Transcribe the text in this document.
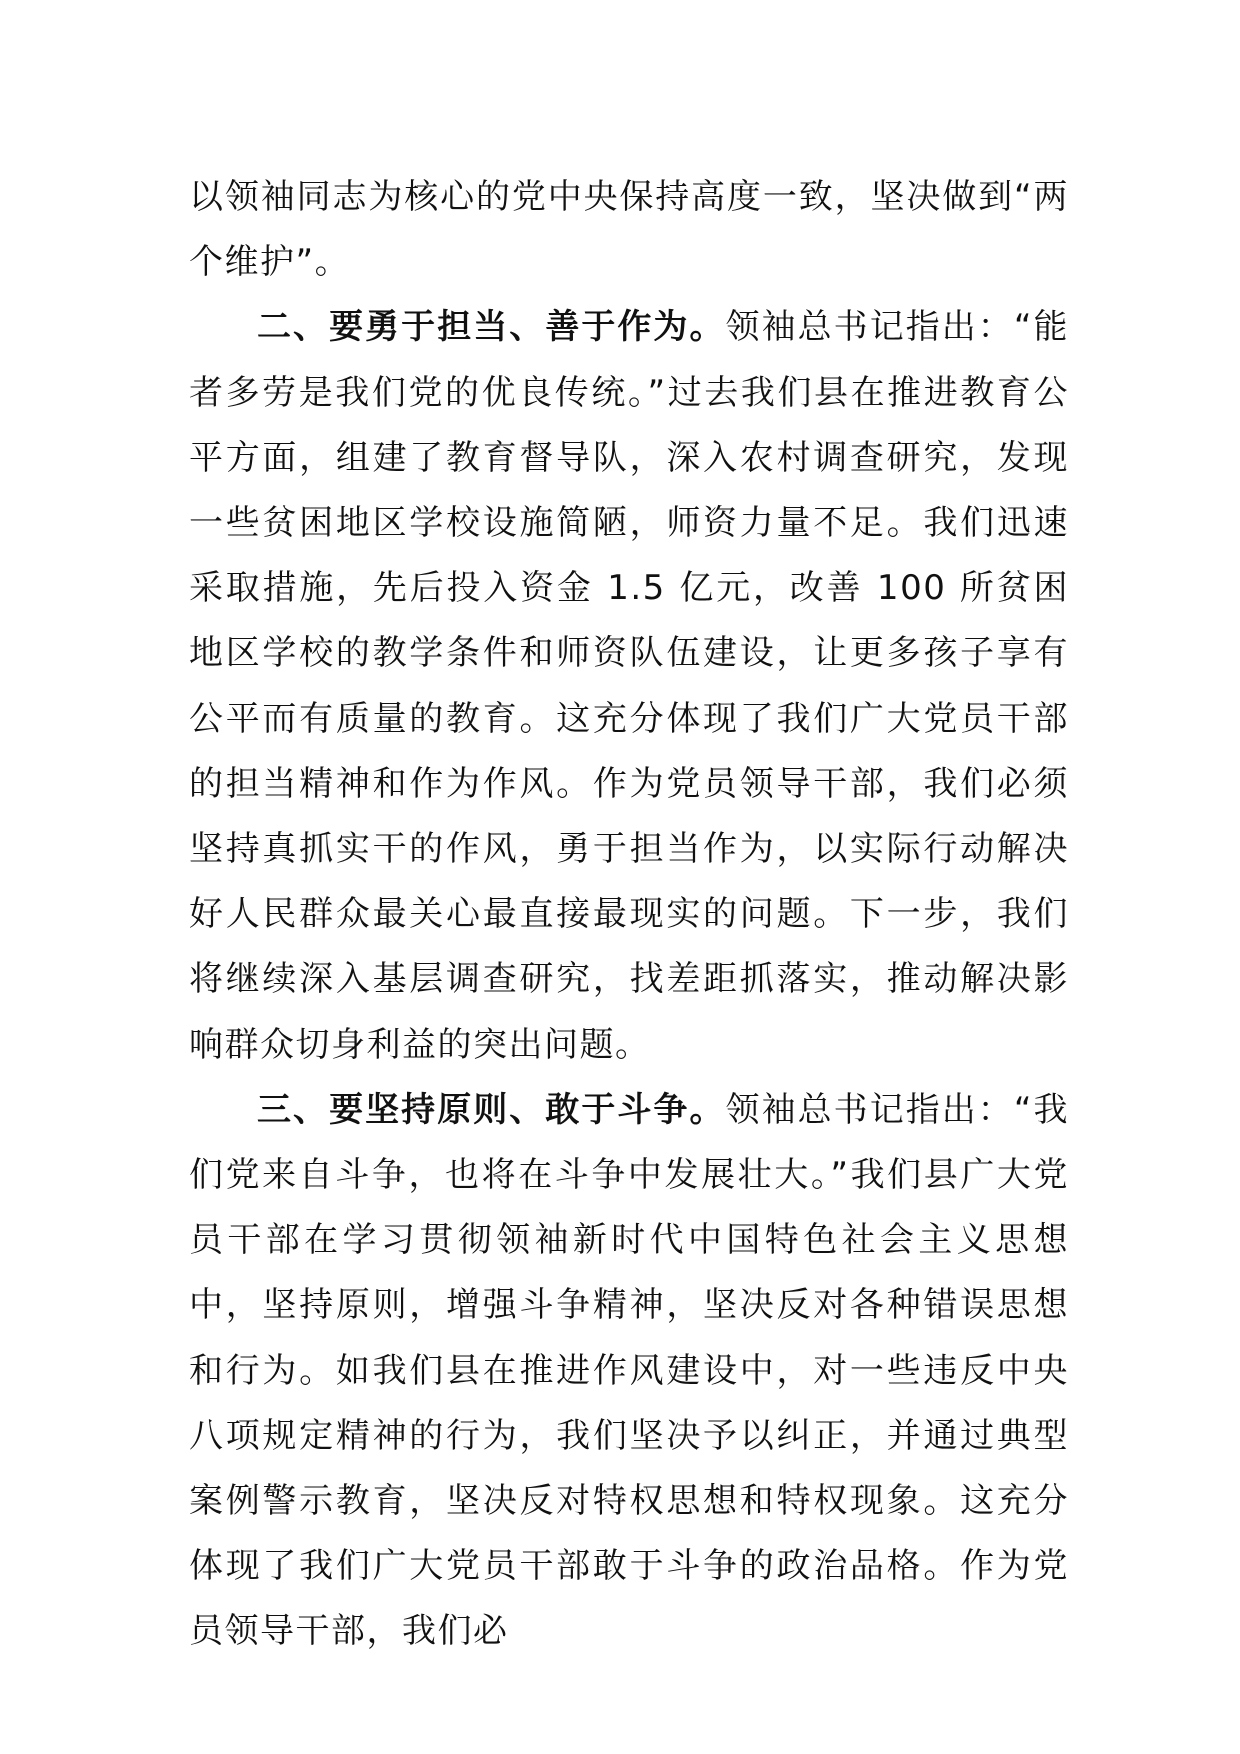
以领袖同志为核心的党中央保持高度一致，坚决做到“两个维护”。

二、要勇于担当、善于作为。领袖总书记指出：“能者多劳是我们党的优良传统。”过去我们县在推进教育公平方面，组建了教育督导队，深入农村调查研究，发现一些贫困地区学校设施简陋，师资力量不足。我们迅速采取措施，先后投入资金 1.5 亿元，改善 100 所贫困地区学校的教学条件和师资队伍建设，让更多孩子享有公平而有质量的教育。这充分体现了我们广大党员干部的担当精神和作为作风。作为党员领导干部，我们必须坚持真抓实干的作风，勇于担当作为，以实际行动解决好人民群众最关心最直接最现实的问题。下一步，我们将继续深入基层调查研究，找差距抓落实，推动解决影响群众切身利益的突出问题。

三、要坚持原则、敢于斗争。领袖总书记指出：“我们党来自斗争，也将在斗争中发展壮大。”我们县广大党员干部在学习贯彻领袖新时代中国特色社会主义思想中，坚持原则，增强斗争精神，坚决反对各种错误思想和行为。如我们县在推进作风建设中，对一些违反中央八项规定精神的行为，我们坚决予以纠正，并通过典型案例警示教育，坚决反对特权思想和特权现象。这充分体现了我们广大党员干部敢于斗争的政治品格。作为党员领导干部，我们必
